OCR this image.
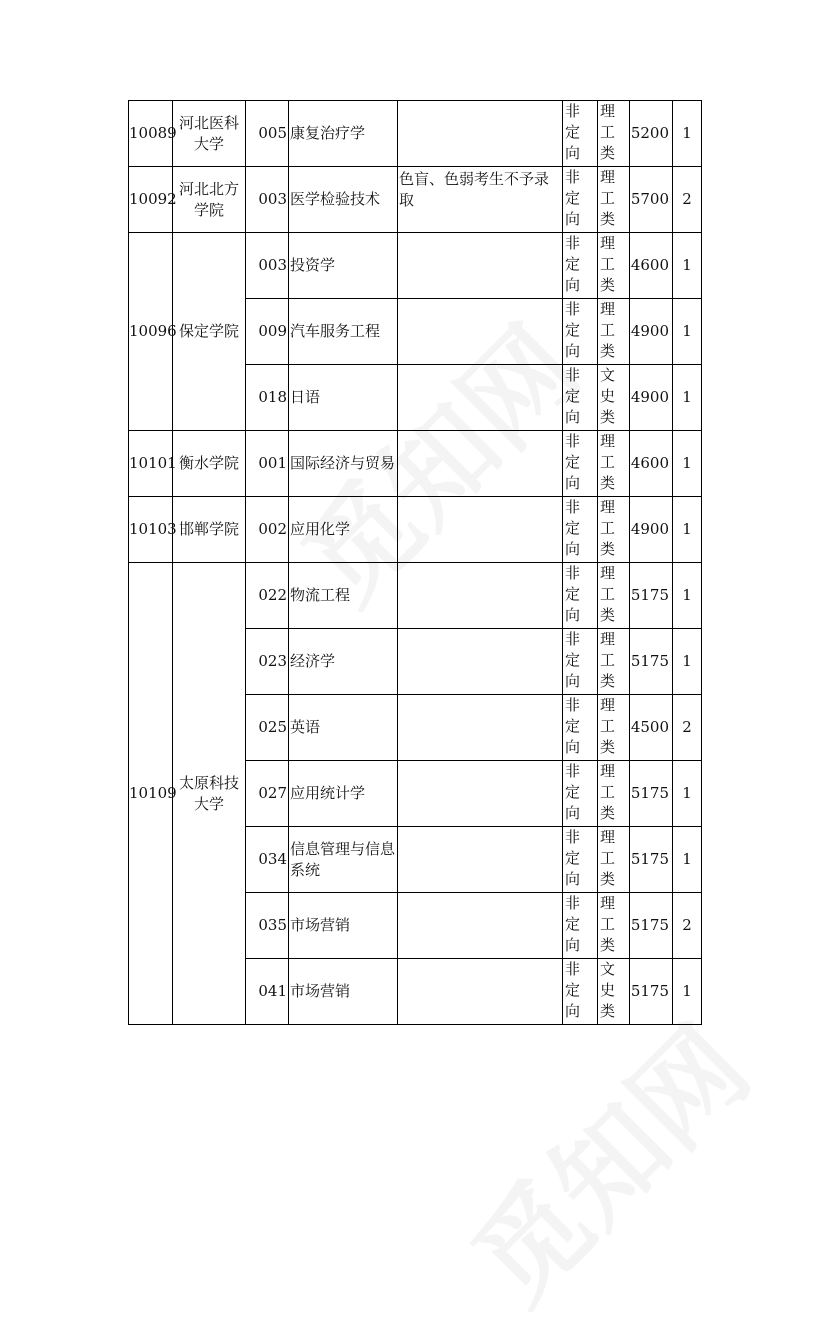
10089	河北医科大学	005	康复治疗学		非定向	理工类	5200	1
10092	河北北方学院	003	医学检验技术	色盲、色弱考生不予录取	非定向	理工类	5700	2
10096	保定学院	003	投资学		非定向	理工类	4600	1
		009	汽车服务工程		非定向	理工类	4900	1
		018	日语		非定向	文史类	4900	1
10101	衡水学院	001	国际经济与贸易		非定向	理工类	4600	1
10103	邯郸学院	002	应用化学		非定向	理工类	4900	1
10109	太原科技大学	022	物流工程		非定向	理工类	5175	1
		023	经济学		非定向	理工类	5175	1
		025	英语		非定向	理工类	4500	2
		027	应用统计学		非定向	理工类	5175	1
		034	信息管理与信息系统		非定向	理工类	5175	1
		035	市场营销		非定向	理工类	5175	2
		041	市场营销		非定向	文史类	5175	1
